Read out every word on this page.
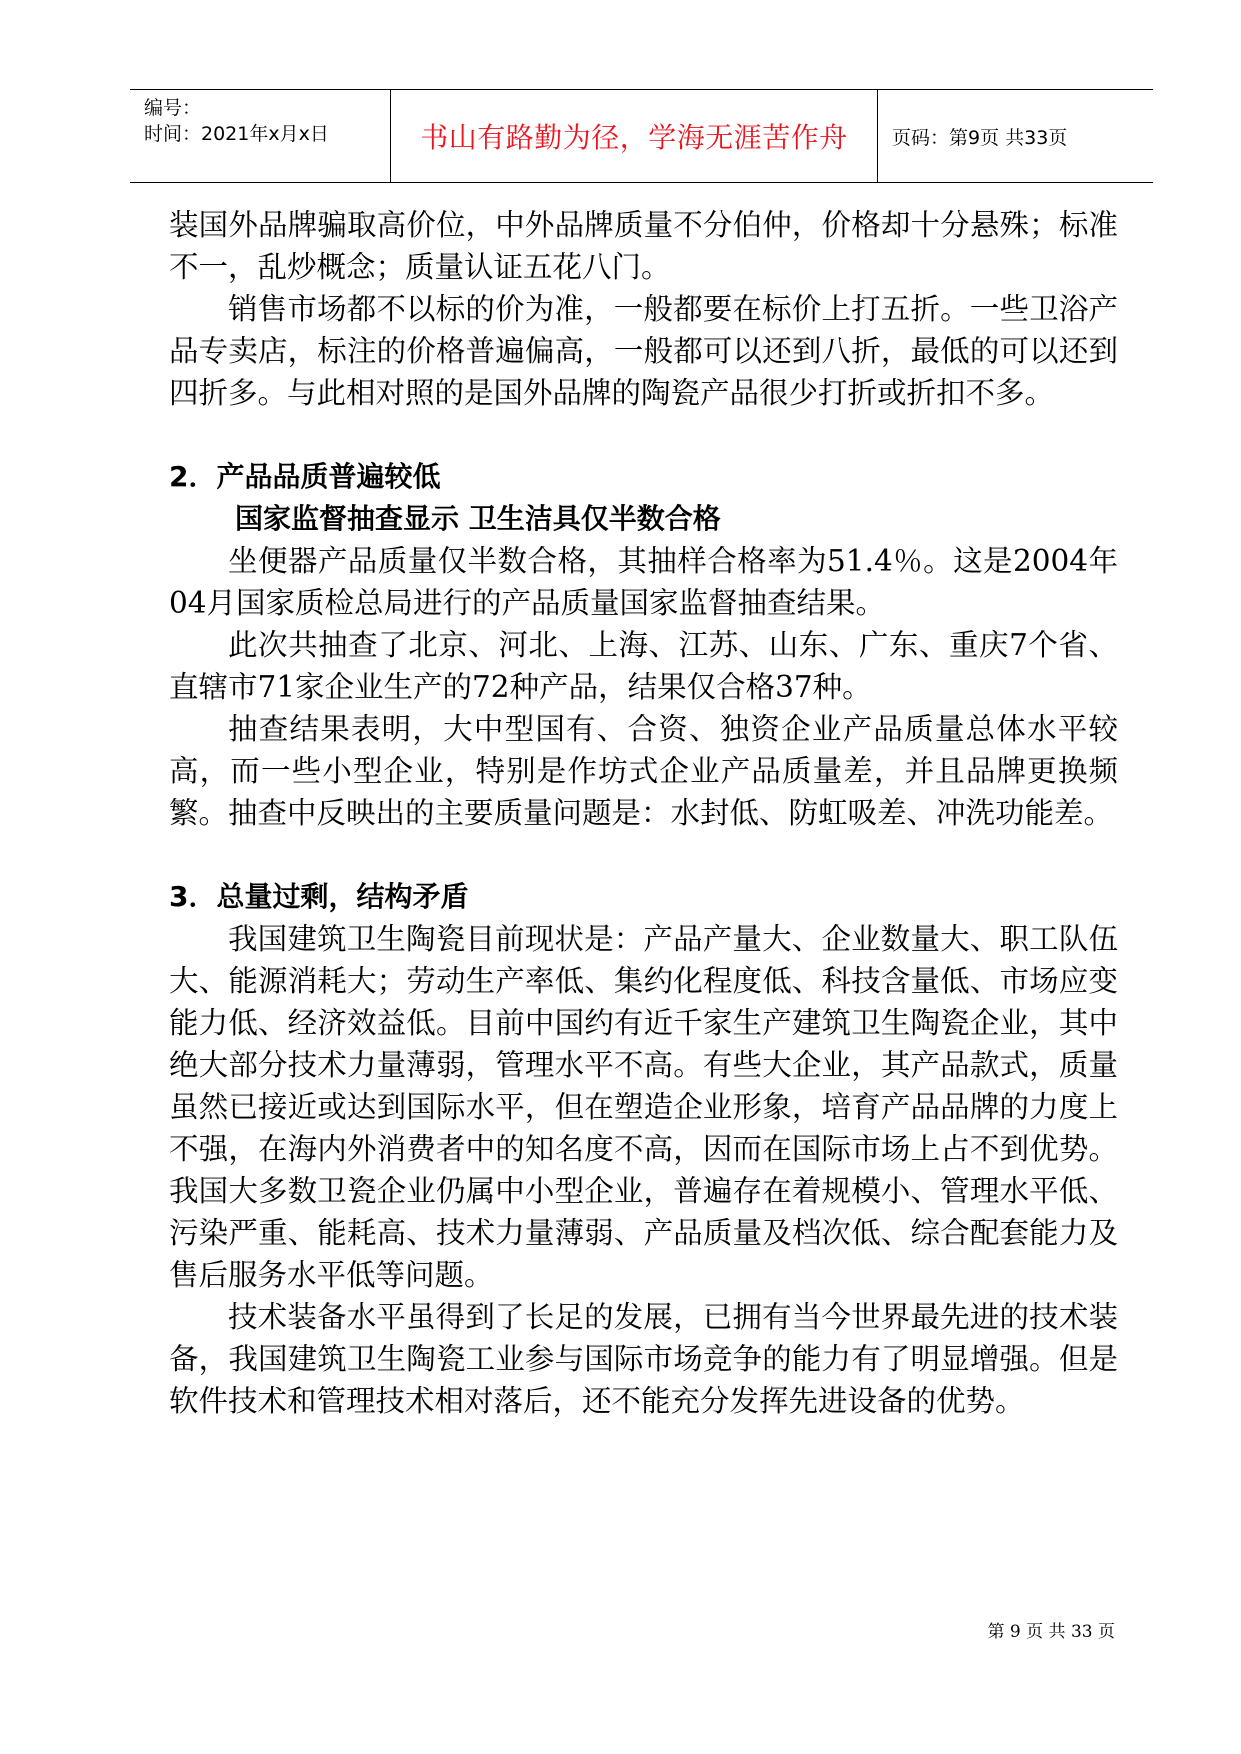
编号：
时间：2021年x月x日	书山有路勤为径，学海无涯苦作舟	页码：第9页 共33页

装国外品牌骗取高价位，中外品牌质量不分伯仲，价格却十分悬殊；标准不一，乱炒概念；质量认证五花八门。

销售市场都不以标的价为准，一般都要在标价上打五折。一些卫浴产品专卖店，标注的价格普遍偏高，一般都可以还到八折，最低的可以还到四折多。与此相对照的是国外品牌的陶瓷产品很少打折或折扣不多。

2．产品品质普遍较低

国家监督抽查显示 卫生洁具仅半数合格

坐便器产品质量仅半数合格，其抽样合格率为51.4％。这是2004年04月国家质检总局进行的产品质量国家监督抽查结果。

此次共抽查了北京、河北、上海、江苏、山东、广东、重庆7个省、直辖市71家企业生产的72种产品，结果仅合格37种。

抽查结果表明，大中型国有、合资、独资企业产品质量总体水平较高，而一些小型企业，特别是作坊式企业产品质量差，并且品牌更换频繁。抽查中反映出的主要质量问题是：水封低、防虹吸差、冲洗功能差。

3．总量过剩，结构矛盾

我国建筑卫生陶瓷目前现状是：产品产量大、企业数量大、职工队伍大、能源消耗大；劳动生产率低、集约化程度低、科技含量低、市场应变能力低、经济效益低。目前中国约有近千家生产建筑卫生陶瓷企业，其中绝大部分技术力量薄弱，管理水平不高。有些大企业，其产品款式，质量虽然已接近或达到国际水平，但在塑造企业形象，培育产品品牌的力度上不强，在海内外消费者中的知名度不高，因而在国际市场上占不到优势。我国大多数卫瓷企业仍属中小型企业，普遍存在着规模小、管理水平低、污染严重、能耗高、技术力量薄弱、产品质量及档次低、综合配套能力及售后服务水平低等问题。

技术装备水平虽得到了长足的发展，已拥有当今世界最先进的技术装备，我国建筑卫生陶瓷工业参与国际市场竞争的能力有了明显增强。但是软件技术和管理技术相对落后，还不能充分发挥先进设备的优势。

第 9 页 共 33 页
